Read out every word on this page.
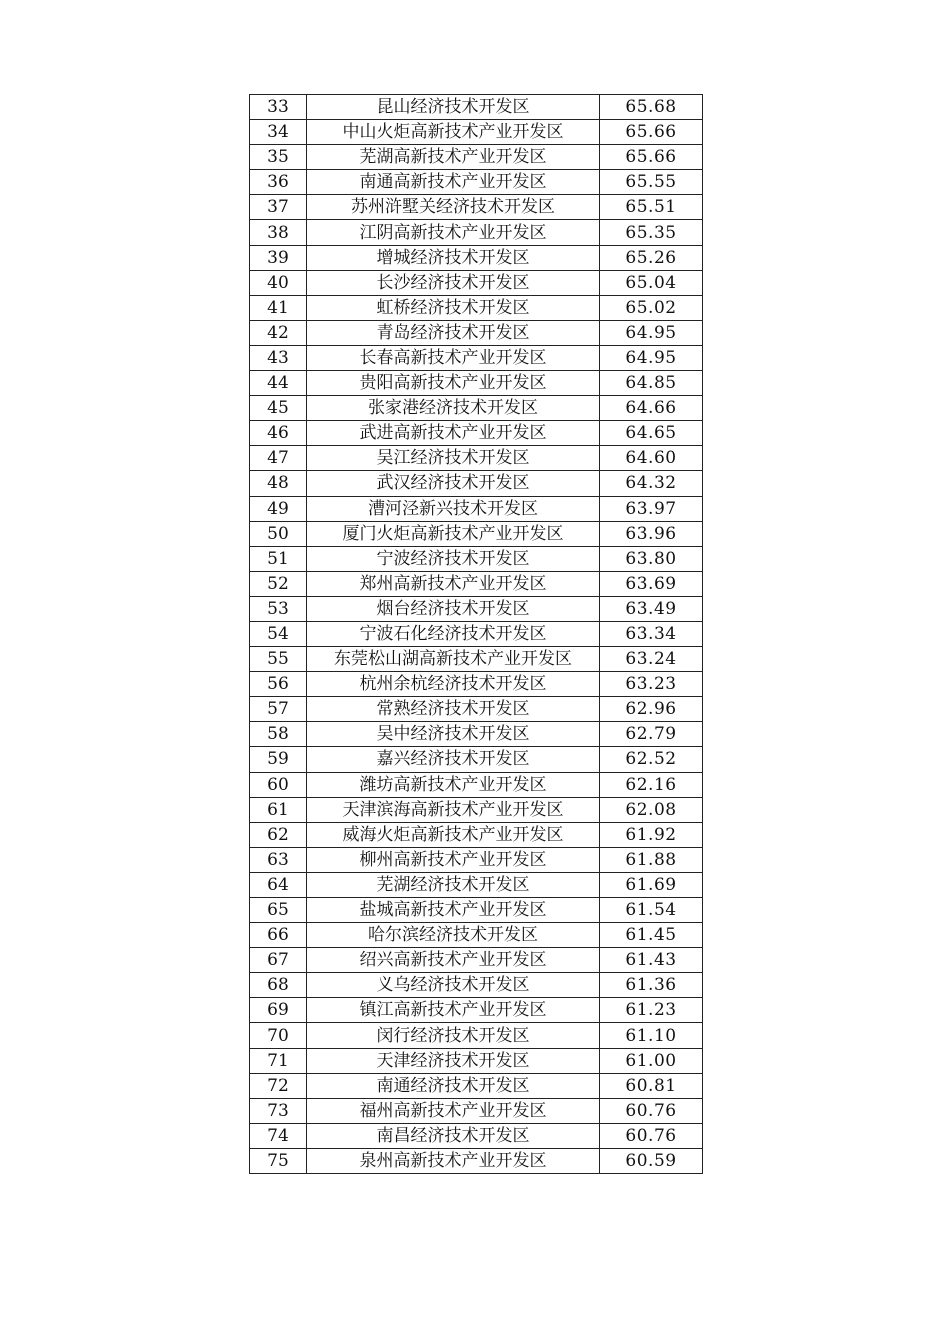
33	昆山经济技术开发区	65.68
34	中山火炬高新技术产业开发区	65.66
35	芜湖高新技术产业开发区	65.66
36	南通高新技术产业开发区	65.55
37	苏州浒墅关经济技术开发区	65.51
38	江阴高新技术产业开发区	65.35
39	增城经济技术开发区	65.26
40	长沙经济技术开发区	65.04
41	虹桥经济技术开发区	65.02
42	青岛经济技术开发区	64.95
43	长春高新技术产业开发区	64.95
44	贵阳高新技术产业开发区	64.85
45	张家港经济技术开发区	64.66
46	武进高新技术产业开发区	64.65
47	吴江经济技术开发区	64.60
48	武汉经济技术开发区	64.32
49	漕河泾新兴技术开发区	63.97
50	厦门火炬高新技术产业开发区	63.96
51	宁波经济技术开发区	63.80
52	郑州高新技术产业开发区	63.69
53	烟台经济技术开发区	63.49
54	宁波石化经济技术开发区	63.34
55	东莞松山湖高新技术产业开发区	63.24
56	杭州余杭经济技术开发区	63.23
57	常熟经济技术开发区	62.96
58	吴中经济技术开发区	62.79
59	嘉兴经济技术开发区	62.52
60	潍坊高新技术产业开发区	62.16
61	天津滨海高新技术产业开发区	62.08
62	威海火炬高新技术产业开发区	61.92
63	柳州高新技术产业开发区	61.88
64	芜湖经济技术开发区	61.69
65	盐城高新技术产业开发区	61.54
66	哈尔滨经济技术开发区	61.45
67	绍兴高新技术产业开发区	61.43
68	义乌经济技术开发区	61.36
69	镇江高新技术产业开发区	61.23
70	闵行经济技术开发区	61.10
71	天津经济技术开发区	61.00
72	南通经济技术开发区	60.81
73	福州高新技术产业开发区	60.76
74	南昌经济技术开发区	60.76
75	泉州高新技术产业开发区	60.59
